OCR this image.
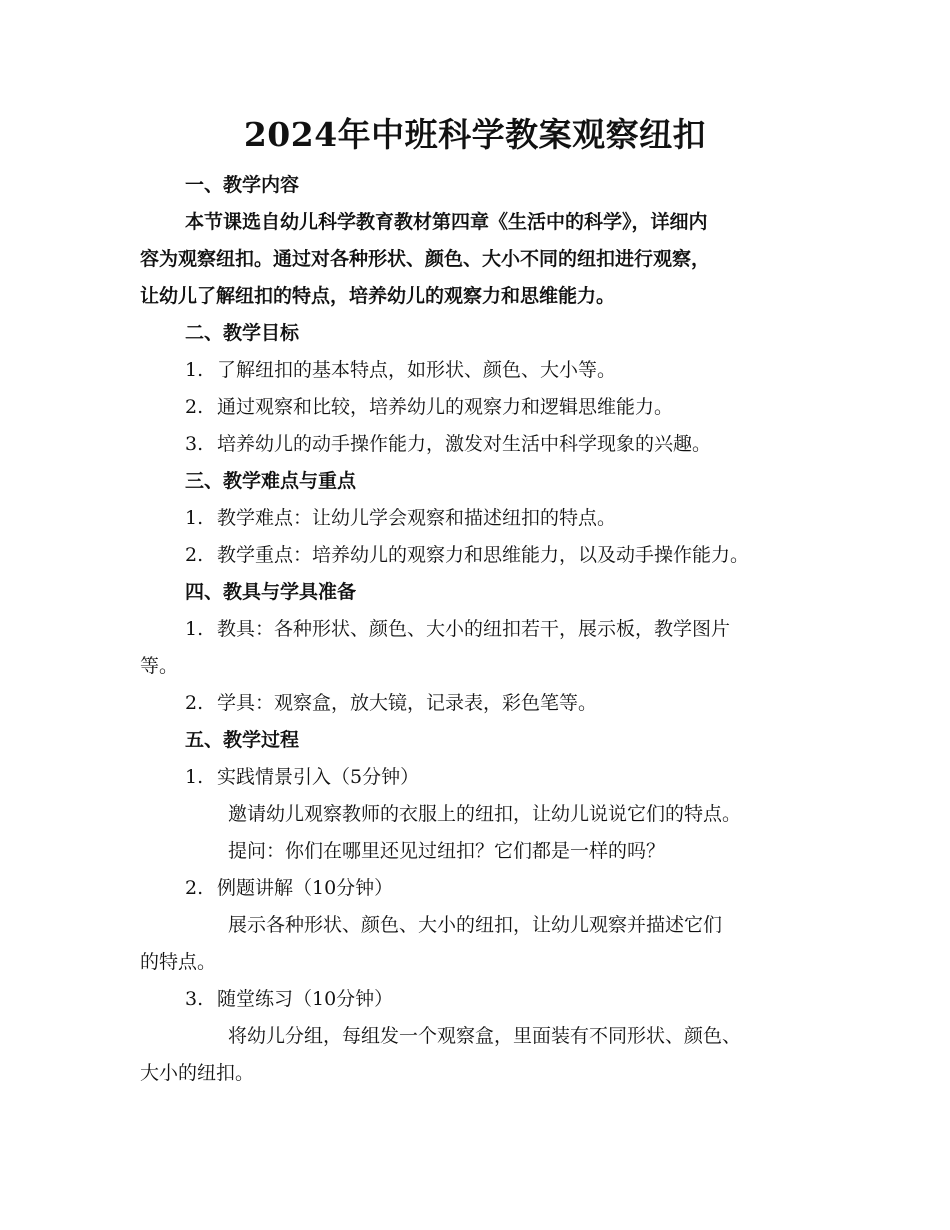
2024年中班科学教案观察纽扣
一、教学内容
本节课选自幼儿科学教育教材第四章《生活中的科学》，详细内
容为观察纽扣。通过对各种形状、颜色、大小不同的纽扣进行观察，
让幼儿了解纽扣的特点，培养幼儿的观察力和思维能力。
二、教学目标
1. 了解纽扣的基本特点，如形状、颜色、大小等。
2. 通过观察和比较，培养幼儿的观察力和逻辑思维能力。
3. 培养幼儿的动手操作能力，激发对生活中科学现象的兴趣。
三、教学难点与重点
1. 教学难点：让幼儿学会观察和描述纽扣的特点。
2. 教学重点：培养幼儿的观察力和思维能力，以及动手操作能力。
四、教具与学具准备
1. 教具：各种形状、颜色、大小的纽扣若干，展示板，教学图片
等。
2. 学具：观察盒，放大镜，记录表，彩色笔等。
五、教学过程
1. 实践情景引入（5分钟）
邀请幼儿观察教师的衣服上的纽扣，让幼儿说说它们的特点。
提问：你们在哪里还见过纽扣？它们都是一样的吗？
2. 例题讲解（10分钟）
展示各种形状、颜色、大小的纽扣，让幼儿观察并描述它们
的特点。
3. 随堂练习（10分钟）
将幼儿分组，每组发一个观察盒，里面装有不同形状、颜色、
大小的纽扣。
